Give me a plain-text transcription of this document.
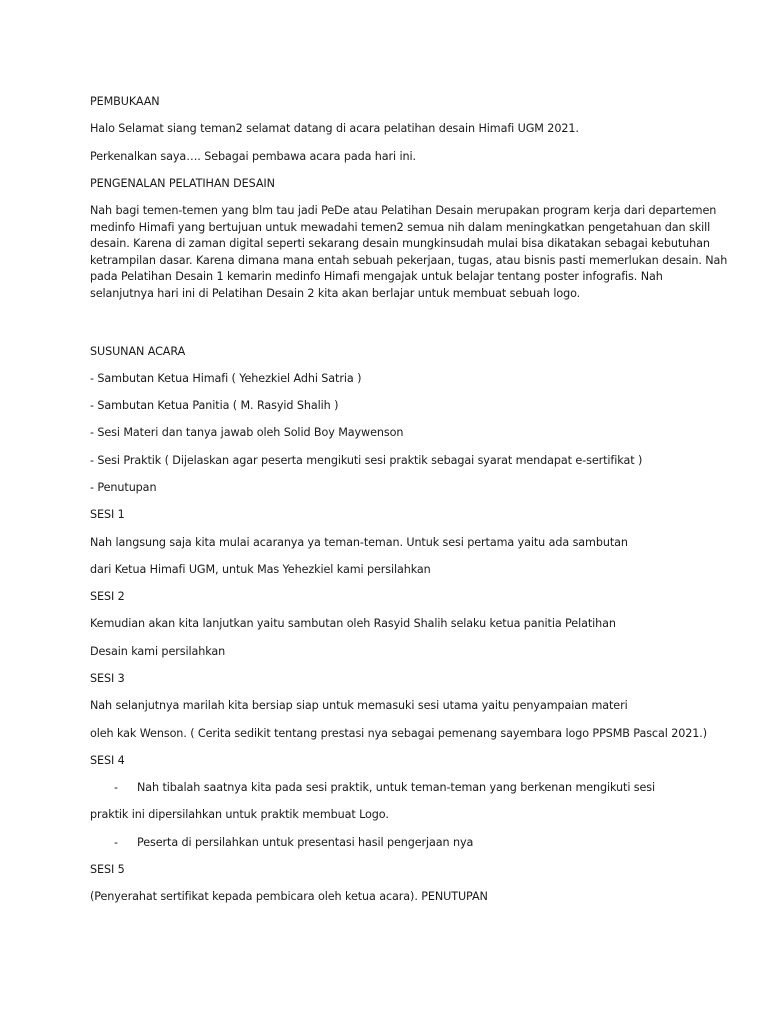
PEMBUKAAN
Halo Selamat siang teman2 selamat datang di acara pelatihan desain Himafi UGM 2021.
Perkenalkan saya…. Sebagai pembawa acara pada hari ini.
PENGENALAN PELATIHAN DESAIN
Nah bagi temen-temen yang blm tau jadi PeDe atau Pelatihan Desain merupakan program kerja dari departemen
medinfo Himafi yang bertujuan untuk mewadahi temen2 semua nih dalam meningkatkan pengetahuan dan skill
desain. Karena di zaman digital seperti sekarang desain mungkinsudah mulai bisa dikatakan sebagai kebutuhan
ketrampilan dasar. Karena dimana mana entah sebuah pekerjaan, tugas, atau bisnis pasti memerlukan desain. Nah
pada Pelatihan Desain 1 kemarin medinfo Himafi mengajak untuk belajar tentang poster infografis. Nah
selanjutnya hari ini di Pelatihan Desain 2 kita akan berlajar untuk membuat sebuah logo.
SUSUNAN ACARA
- Sambutan Ketua Himafi ( Yehezkiel Adhi Satria )
- Sambutan Ketua Panitia ( M. Rasyid Shalih )
- Sesi Materi dan tanya jawab oleh Solid Boy Maywenson
- Sesi Praktik ( Dijelaskan agar peserta mengikuti sesi praktik sebagai syarat mendapat e-sertifikat )
- Penutupan
SESI 1
Nah langsung saja kita mulai acaranya ya teman-teman. Untuk sesi pertama yaitu ada sambutan
dari Ketua Himafi UGM, untuk Mas Yehezkiel kami persilahkan
SESI 2
Kemudian akan kita lanjutkan yaitu sambutan oleh Rasyid Shalih selaku ketua panitia Pelatihan
Desain kami persilahkan
SESI 3
Nah selanjutnya marilah kita bersiap siap untuk memasuki sesi utama yaitu penyampaian materi
oleh kak Wenson. ( Cerita sedikit tentang prestasi nya sebagai pemenang sayembara logo PPSMB Pascal 2021.)
SESI 4
- Nah tibalah saatnya kita pada sesi praktik, untuk teman-teman yang berkenan mengikuti sesi
praktik ini dipersilahkan untuk praktik membuat Logo.
- Peserta di persilahkan untuk presentasi hasil pengerjaan nya
SESI 5
(Penyerahat sertifikat kepada pembicara oleh ketua acara). PENUTUPAN
